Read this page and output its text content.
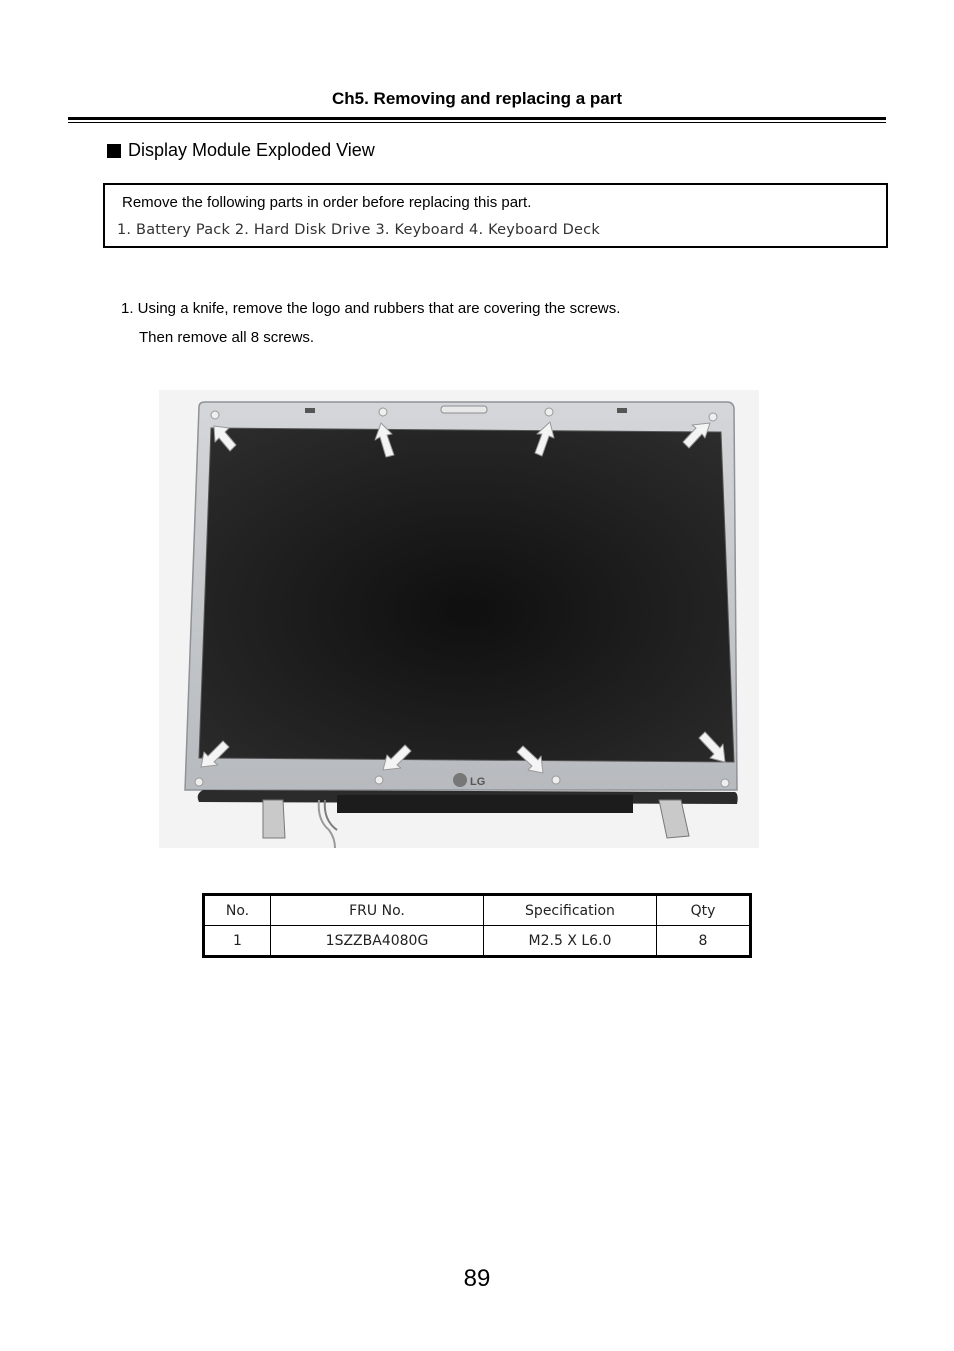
Ch5. Removing and replacing a part
Display Module Exploded View
Remove the following parts in order before replacing this part.
1. Battery Pack 2. Hard Disk Drive 3. Keyboard 4. Keyboard Deck
1. Using a knife, remove the logo and rubbers that are covering the screws.
Then remove all 8 screws.
LG
No.	FRU No.	Specification	Qty
1	1SZZBA4080G	M2.5 X L6.0	8
89
